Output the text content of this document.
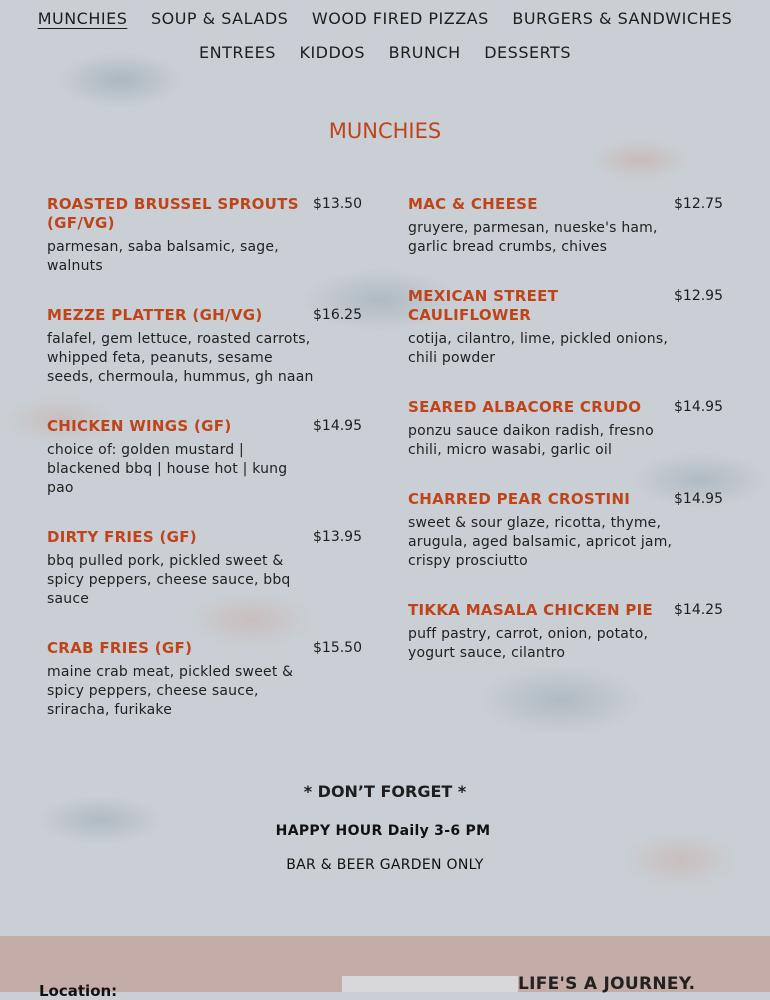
MUNCHIES SOUP & SALADS WOOD FIRED PIZZAS BURGERS & SANDWICHES
ENTREES KIDDOS BRUNCH DESSERTS
MUNCHIES
ROASTED BRUSSEL SPROUTS (GF/VG)
$13.50
parmesan, saba balsamic, sage, walnuts
MEZZE PLATTER (GH/VG)	$16.25
falafel, gem lettuce, roasted carrots, whipped feta, peanuts, sesame seeds, chermoula, hummus, gh naan
CHICKEN WINGS (GF)	$14.95
choice of: golden mustard | blackened bbq | house hot | kung pao
DIRTY FRIES (GF)	$13.95
bbq pulled pork, pickled sweet & spicy peppers, cheese sauce, bbq sauce
CRAB FRIES (GF)	$15.50
maine crab meat, pickled sweet & spicy peppers, cheese sauce, sriracha, furikake
MAC & CHEESE	$12.75
gruyere, parmesan, nueske's ham, garlic bread crumbs, chives
MEXICAN STREET CAULIFLOWER
$12.95
cotija, cilantro, lime, pickled onions, chili powder
SEARED ALBACORE CRUDO	$14.95
ponzu sauce daikon radish, fresno chili, micro wasabi, garlic oil
CHARRED PEAR CROSTINI	$14.95
sweet & sour glaze, ricotta, thyme, arugula, aged balsamic, apricot jam, crispy prosciutto
TIKKA MASALA CHICKEN PIE	$14.25
puff pastry, carrot, onion, potato, yogurt sauce, cilantro
* DON’T FORGET *
HAPPY HOUR Daily 3-6 PM
BAR & BEER GARDEN ONLY
Location:	LIFE'S A JOURNEY.
